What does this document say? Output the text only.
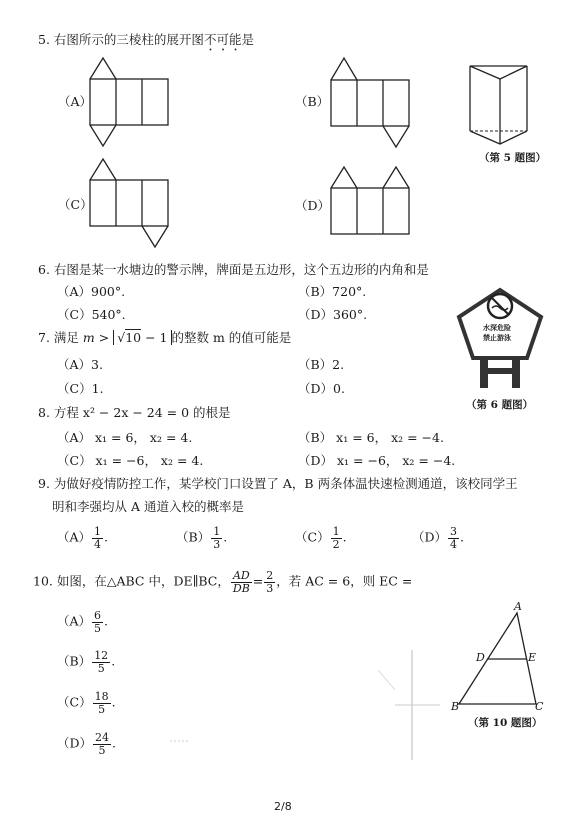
5. 右图所示的三棱柱的展开图不可能是
（A）	（B）
（C）	（D）
（第 5 题图）
6. 右图是某一水塘边的警示牌，牌面是五边形，这个五边形的内角和是
（A）900°.	（B）720°.
（C）540°.	（D）360°.
水深危险
禁止游泳
（第 6 题图）
7. 满足 m > √10 − 1 的整数 m 的值可能是
（A）3.	（B）2.
（C）1.	（D）0.
8. 方程 x² − 2x − 24 = 0 的根是
（A） x₁ = 6， x₂ = 4.	（B） x₁ = 6， x₂ = −4.
（C） x₁ = −6， x₂ = 4.	（D） x₁ = −6， x₂ = −4.
9. 为做好疫情防控工作，某学校门口设置了 A，B 两条体温快速检测通道，该校同学王
明和李强均从 A 通道入校的概率是
$(A) \frac{1}{4}$ .	$(B) \frac{1}{3}$ .	$(C) \frac{1}{2}$ .	$(D) \frac{3}{4}$ .
10. 如图，在△ABC 中，DE∥BC， $\frac{AD}{DB} = \frac{2}{3}$ ，若 AC = 6，则 EC =
$(A) \frac{6}{5}$ .
$(B) \frac{12}{5}$ .
$(C) \frac{18}{5}$ .
$(D) \frac{24}{5}$ .
A
D	E
B	C
（第 10 题图）
2/8
